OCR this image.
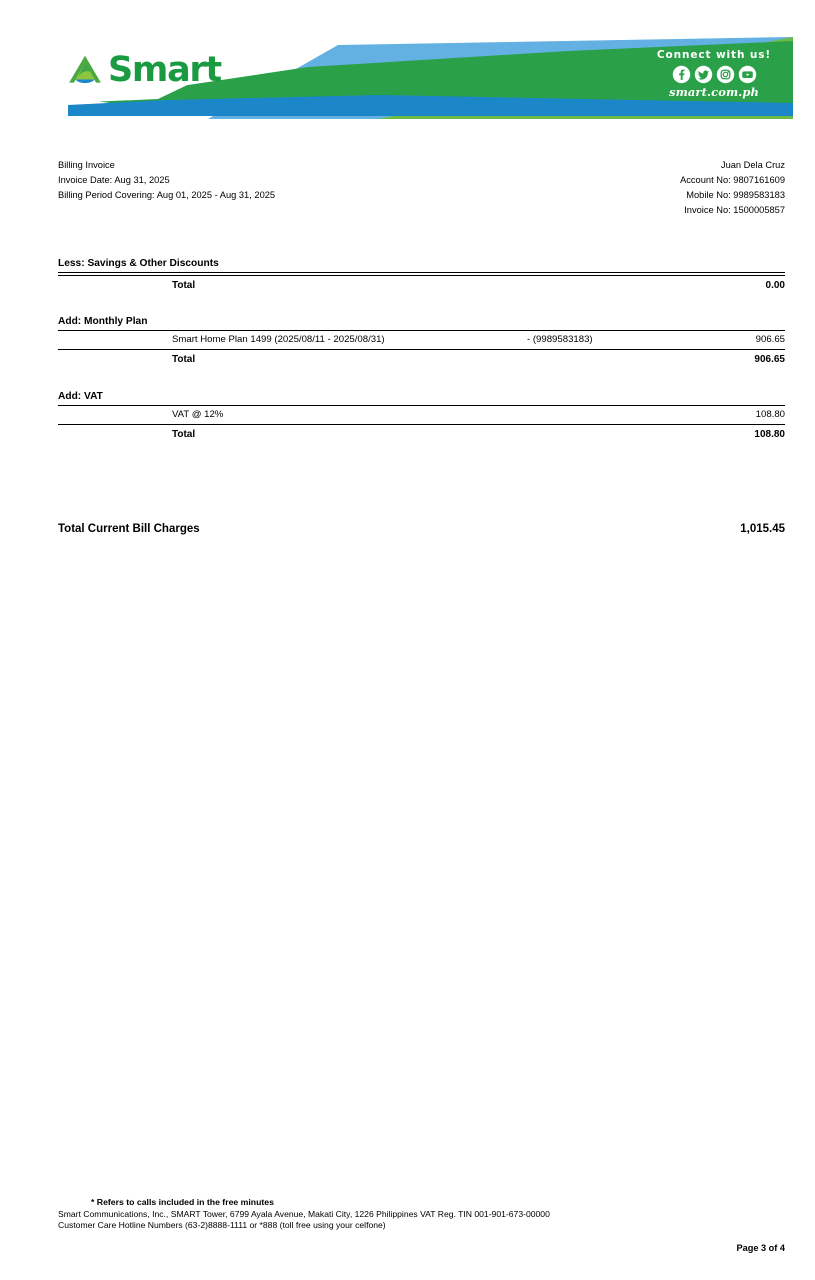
Smart	Connect with us!
smart.com.ph
Billing Invoice
Invoice Date: Aug 31, 2025
Billing Period Covering: Aug 01, 2025 - Aug 31, 2025
Juan Dela Cruz
Account No: 9807161609
Mobile No: 9989583183
Invoice No: 1500005857
Less: Savings & Other Discounts
Total	0.00
Add: Monthly Plan
Smart Home Plan 1499 (2025/08/11 - 2025/08/31)	- (9989583183)	906.65
Total	906.65
Add: VAT
VAT @ 12%	108.80
Total	108.80
Total Current Bill Charges	1,015.45
* Refers to calls included in the free minutes
Smart Communications, Inc., SMART Tower, 6799 Ayala Avenue, Makati City, 1226 Philippines VAT Reg. TIN 001-901-673-00000
Customer Care Hotline Numbers (63-2)8888-1111 or *888 (toll free using your celfone)
Page 3 of 4
